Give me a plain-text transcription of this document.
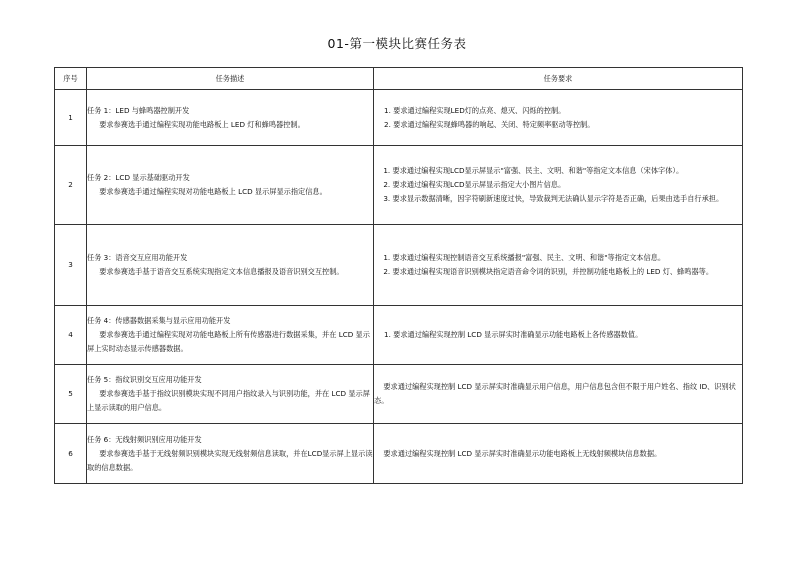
01-第一模块比赛任务表
序号	任务描述	任务要求
1	任务 1：LED 与蜂鸣器控制开发
要求参赛选手通过编程实现功能电路板上 LED 灯和蜂鸣器控制。	1. 要求通过编程实现LED灯的点亮、熄灭、闪烁的控制。
2. 要求通过编程实现蜂鸣器的响起、关闭、特定频率驱动等控制。

2	任务 2：LCD 显示基础驱动开发
要求参赛选手通过编程实现对功能电路板上 LCD 显示屏显示指定信息。	1. 要求通过编程实现LCD显示屏显示"富强、民主、文明、和谐"等指定文本信息（宋体字体）。
2. 要求通过编程实现LCD显示屏显示指定大小图片信息。
3. 要求显示数据清晰，因字符刷新速度过快，导致裁判无法确认显示字符是否正确，后果由选手自行承担。

3	任务 3：语音交互应用功能开发
要求参赛选手基于语音交互系统实现指定文本信息播报及语音识别交互控制。	1. 要求通过编程实现控制语音交互系统播报"富强、民主、文明、和谐"等指定文本信息。
2. 要求通过编程实现语音识别模块指定语音命令词的识别，并控制功能电路板上的 LED 灯、蜂鸣器等。

4	任务 4：传感器数据采集与显示应用功能开发
要求参赛选手通过编程实现对功能电路板上所有传感器进行数据采集，并在 LCD 显示屏上实时动态显示传感器数据。	1. 要求通过编程实现控制 LCD 显示屏实时准确显示功能电路板上各传感器数值。

5	任务 5：指纹识别交互应用功能开发
要求参赛选手基于指纹识别模块实现不同用户指纹录入与识别功能，并在 LCD 显示屏上显示读取的用户信息。	要求通过编程实现控制 LCD 显示屏实时准确显示用户信息，用户信息包含但不限于用户姓名、指纹 ID、识别状态。

6	任务 6：无线射频识别应用功能开发
要求参赛选手基于无线射频识别模块实现无线射频信息读取，并在LCD显示屏上显示读取的信息数据。	要求通过编程实现控制 LCD 显示屏实时准确显示功能电路板上无线射频模块信息数据。
